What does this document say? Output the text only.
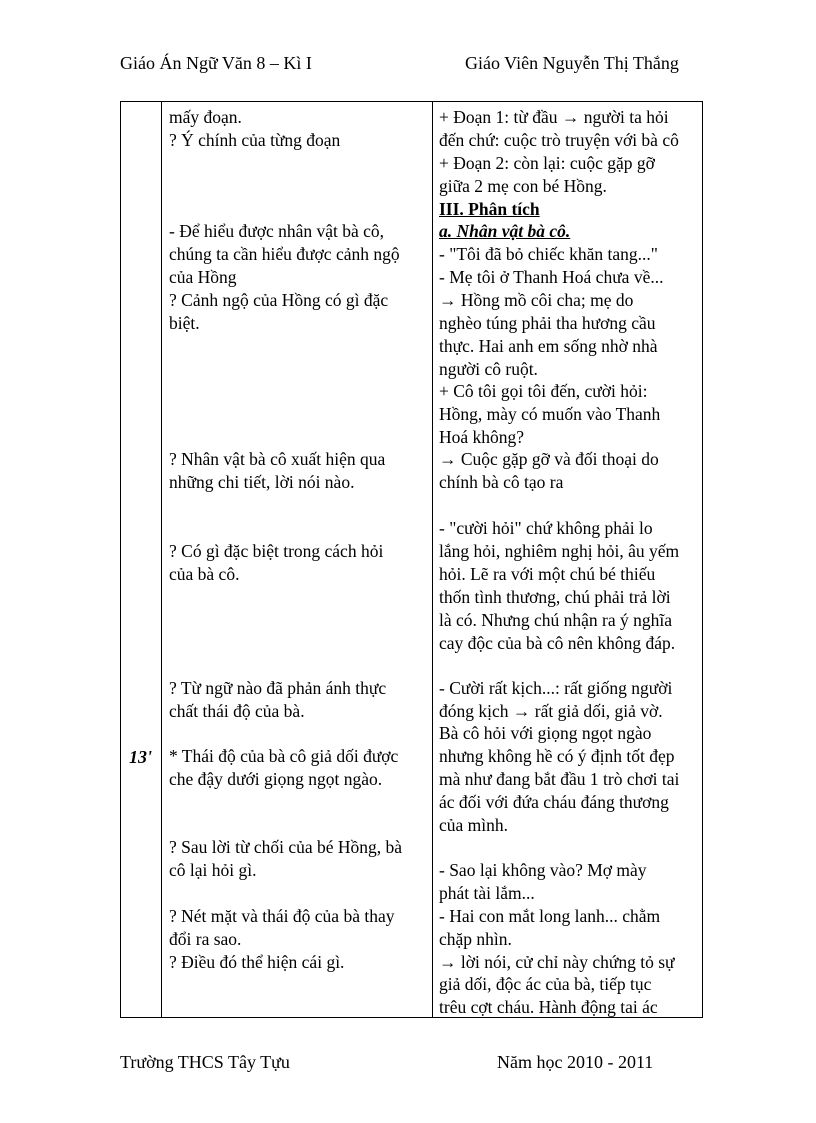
Giáo Án Ngữ Văn 8 – Kì I	Giáo Viên Nguyễn Thị Thắng
13'
mấy đoạn.
? Ý chính của từng đoạn
- Để hiểu được nhân vật bà cô,
chúng ta cần hiểu được cảnh ngộ
của Hồng
? Cảnh ngộ của Hồng có gì đặc
biệt.
? Nhân vật bà cô xuất hiện qua
những chi tiết, lời nói nào.
? Có gì đặc biệt trong cách hỏi
của bà cô.
? Từ ngữ nào đã phản ánh thực
chất thái độ của bà.
* Thái độ của bà cô giả dối được
che đậy dưới giọng ngọt ngào.
? Sau lời từ chối của bé Hồng, bà
cô lại hỏi gì.
? Nét mặt và thái độ của bà thay
đổi ra sao.
? Điều đó thể hiện cái gì.
+ Đoạn 1: từ đầu → người ta hỏi
đến chứ: cuộc trò truyện với bà cô
+ Đoạn 2: còn lại: cuộc gặp gỡ
giữa 2 mẹ con bé Hồng.
III. Phân tích
a. Nhân vật bà cô.
- "Tôi đã bỏ chiếc khăn tang..."
- Mẹ tôi ở Thanh Hoá chưa về...
→ Hồng mồ côi cha; mẹ do
nghèo túng phải tha hương cầu
thực. Hai anh em sống nhờ nhà
người cô ruột.
+ Cô tôi gọi tôi đến, cười hỏi:
Hồng, mày có muốn vào Thanh
Hoá không?
→ Cuộc gặp gỡ và đối thoại do
chính bà cô tạo ra
- "cười hỏi" chứ không phải lo
lắng hỏi, nghiêm nghị hỏi, âu yếm
hỏi. Lẽ ra với một chú bé thiếu
thốn tình thương, chú phải trả lời
là có. Nhưng chú nhận ra ý nghĩa
cay độc của bà cô nên không đáp.
- Cười rất kịch...: rất giống người
đóng kịch → rất giả dối, giả vờ.
Bà cô hỏi với giọng ngọt ngào
nhưng không hề có ý định tốt đẹp
mà như đang bắt đầu 1 trò chơi tai
ác đối với đứa cháu đáng thương
của mình.
- Sao lại không vào? Mợ mày
phát tài lắm...
- Hai con mắt long lanh... chằm
chặp nhìn.
→ lời nói, cử chỉ này chứng tỏ sự
giả dối, độc ác của bà, tiếp tục
trêu cợt cháu. Hành động tai ác
Trường THCS Tây Tựu	Năm học 2010 - 2011
